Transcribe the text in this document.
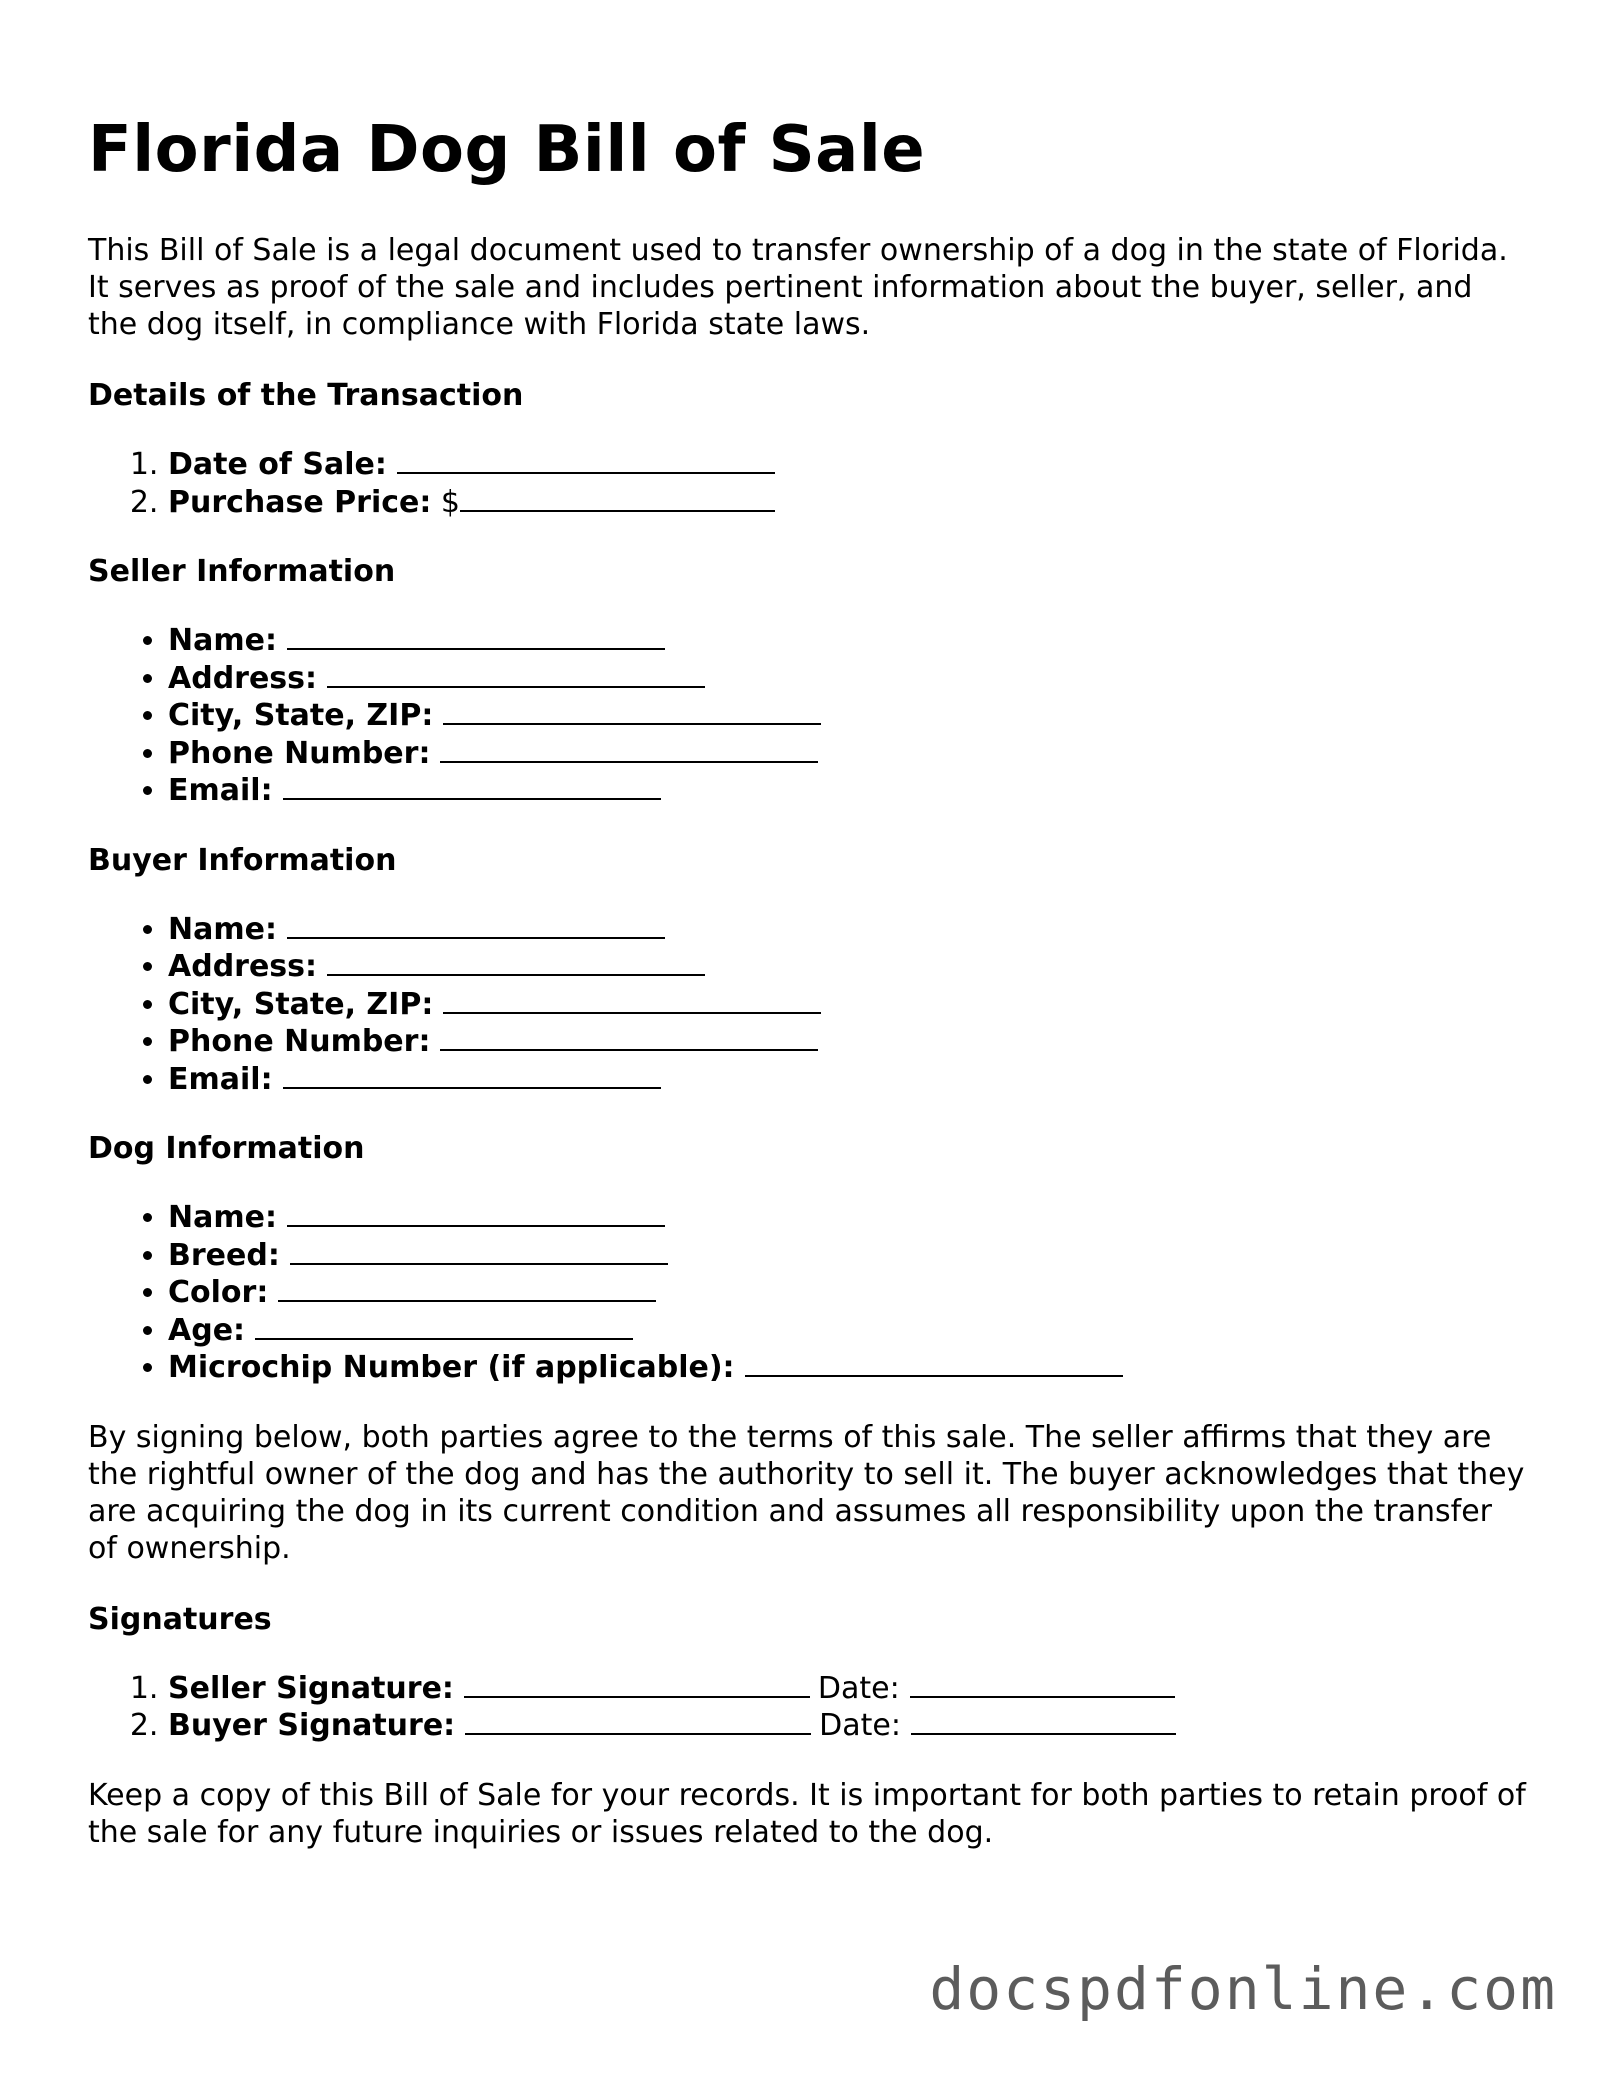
Florida Dog Bill of Sale

This Bill of Sale is a legal document used to transfer ownership of a dog in the state of Florida. It serves as proof of the sale and includes pertinent information about the buyer, seller, and the dog itself, in compliance with Florida state laws.

Details of the Transaction
1. Date of Sale:
2. Purchase Price: $
Seller Information
• Name:
• Address:
• City, State, ZIP:
• Phone Number:
• Email:
Buyer Information
• Name:
• Address:
• City, State, ZIP:
• Phone Number:
• Email:
Dog Information
• Name:
• Breed:
• Color:
• Age:
• Microchip Number (if applicable):

By signing below, both parties agree to the terms of this sale. The seller affirms that they are the rightful owner of the dog and has the authority to sell it. The buyer acknowledges that they are acquiring the dog in its current condition and assumes all responsibility upon the transfer of ownership.

Signatures
1. Seller Signature:	Date:
2. Buyer Signature:	Date:

Keep a copy of this Bill of Sale for your records. It is important for both parties to retain proof of the sale for any future inquiries or issues related to the dog.

docspdfonline.com
